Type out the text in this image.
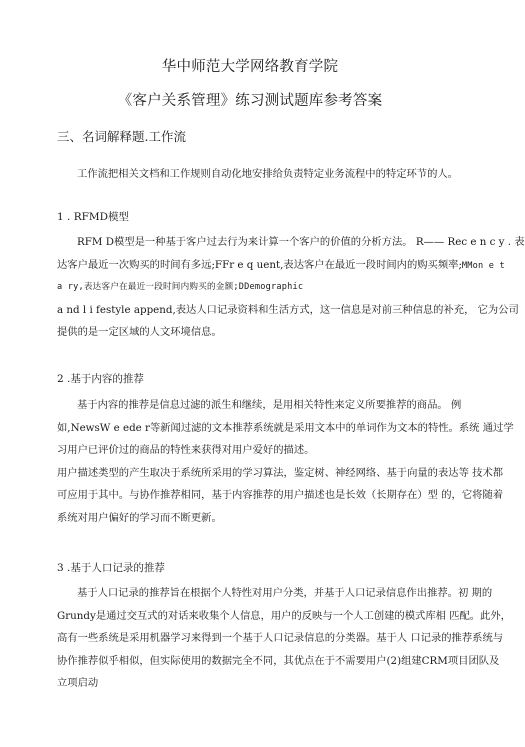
华中师范大学网络教育学院
《客户关系管理》练习测试题库参考答案
三、名词解释题.工作流
工作流把相关文档和工作规则自动化地安排给负责特定业务流程中的特定环节的人。
1 . RFMD模型
RFM D模型是一种基于客户过去行为来计算一个客户的价值的分析方法。 R—— Rec e n c y . 表
达客户最近一次购买的时间有多远;FFr e q uent,表达客户在最近一段时间内的购买频率;MMon e t
a ry,表达客户在最近一段时间内购买的金额;DDemographic
a nd l i festyle append,表达人口记录资料和生活方式，这一信息是对前三种信息的补充， 它为公司
提供的是一定区域的人文环境信息。
2 .基于内容的推荐
基于内容的推荐是信息过滤的派生和继续，是用相关特性来定义所要推荐的商品。 例
如,NewsW e ede r等新闻过滤的文本推荐系统就是采用文本中的单词作为文本的特性。系统 通过学
习用户已评价过的商品的特性来获得对用户爱好的描述。
用户描述类型的产生取决于系统所采用的学习算法，鉴定树、神经网络、基于向量的表达等 技术都
可应用于其中。与协作推荐相同，基于内容推荐的用户描述也是长效（长期存在）型 的，它将随着
系统对用户偏好的学习而不断更新。
3 .基于人口记录的推荐
基于人口记录的推荐旨在根据个人特性对用户分类，并基于人口记录信息作出推荐。初 期的
Grundy是通过交互式的对话来收集个人信息，用户的反映与一个人工创建的模式库相 匹配。此外，
高有一些系统是采用机器学习来得到一个基于人口记录信息的分类器。基于人 口记录的推荐系统与
协作推荐似乎相似，但实际使用的数据完全不同，其优点在于不需要用户(2)组建CRM项目团队及
立项启动
